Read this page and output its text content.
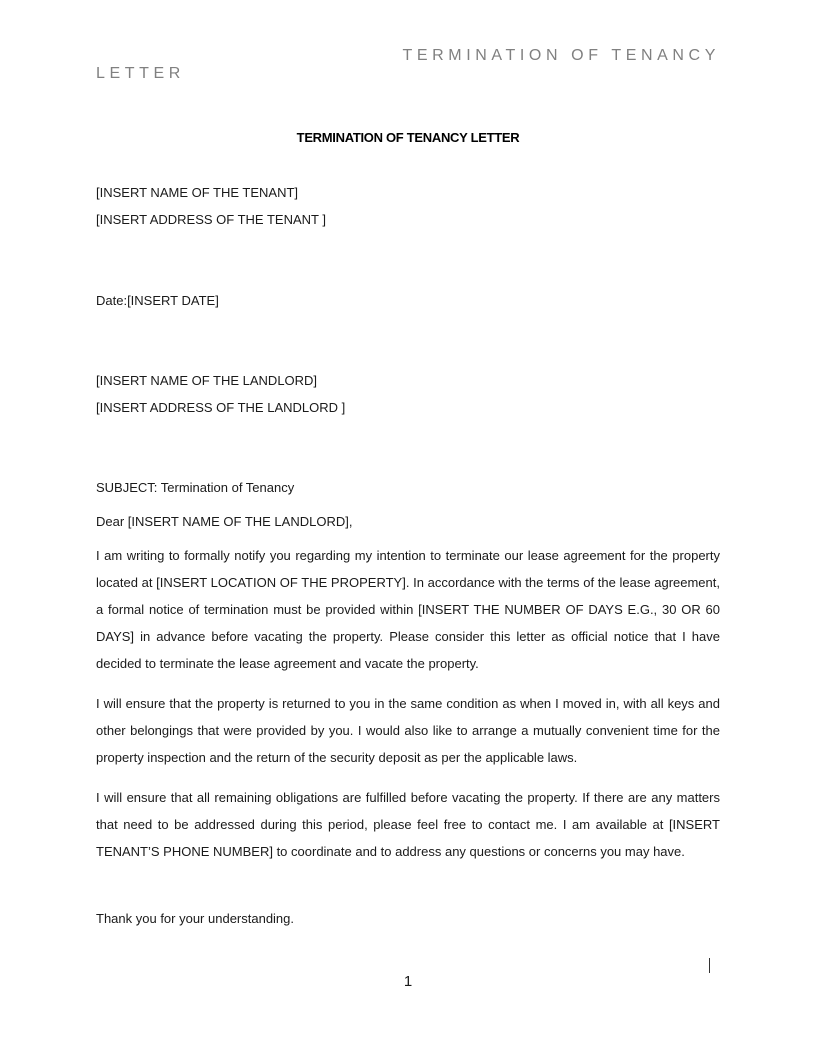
TERMINATION OF TENANCY
LETTER
TERMINATION OF TENANCY LETTER
[INSERT NAME OF THE TENANT]
[INSERT ADDRESS OF THE TENANT ]
Date:[INSERT DATE]
[INSERT NAME OF THE LANDLORD]
[INSERT ADDRESS OF THE LANDLORD ]
SUBJECT: Termination of Tenancy
Dear [INSERT NAME OF THE LANDLORD],
I am writing to formally notify you regarding my intention to terminate our lease agreement for the property located at [INSERT LOCATION OF THE PROPERTY]. In accordance with the terms of the lease agreement, a formal notice of termination must be provided within [INSERT THE NUMBER OF DAYS E.G., 30 OR 60 DAYS] in advance before vacating the property. Please consider this letter as official notice that I have decided to terminate the lease agreement and vacate the property.
I will ensure that the property is returned to you in the same condition as when I moved in, with all keys and other belongings that were provided by you. I would also like to arrange a mutually convenient time for the property inspection and the return of the security deposit as per the applicable laws.
I will ensure that all remaining obligations are fulfilled before vacating the property. If there are any matters that need to be addressed during this period, please feel free to contact me. I am available at [INSERT TENANT’S PHONE NUMBER] to coordinate and to address any questions or concerns you may have.
Thank you for your understanding.
1
